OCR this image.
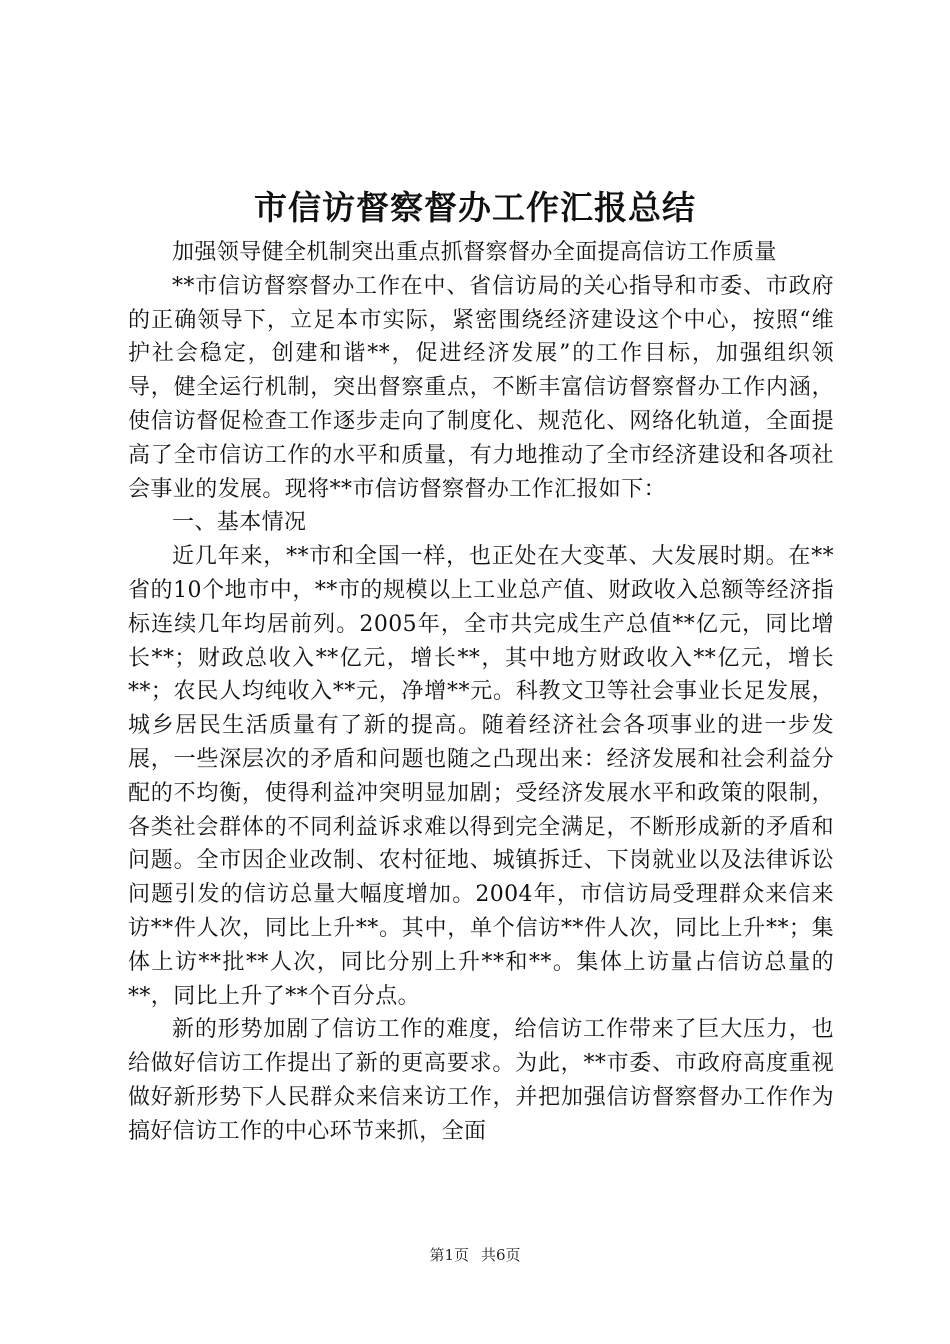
市信访督察督办工作汇报总结

加强领导健全机制突出重点抓督察督办全面提高信访工作质量

**市信访督察督办工作在中、省信访局的关心指导和市委、市政府的正确领导下，立足本市实际，紧密围绕经济建设这个中心，按照“维护社会稳定，创建和谐**，促进经济发展”的工作目标，加强组织领导，健全运行机制，突出督察重点，不断丰富信访督察督办工作内涵，使信访督促检查工作逐步走向了制度化、规范化、网络化轨道，全面提高了全市信访工作的水平和质量，有力地推动了全市经济建设和各项社会事业的发展。现将**市信访督察督办工作汇报如下：

一、基本情况

近几年来，**市和全国一样，也正处在大变革、大发展时期。在**省的10个地市中，**市的规模以上工业总产值、财政收入总额等经济指标连续几年均居前列。2005年，全市共完成生产总值**亿元，同比增长**；财政总收入**亿元，增长**，其中地方财政收入**亿元，增长**；农民人均纯收入**元，净增**元。科教文卫等社会事业长足发展，城乡居民生活质量有了新的提高。随着经济社会各项事业的进一步发展，一些深层次的矛盾和问题也随之凸现出来：经济发展和社会利益分配的不均衡，使得利益冲突明显加剧；受经济发展水平和政策的限制，各类社会群体的不同利益诉求难以得到完全满足，不断形成新的矛盾和问题。全市因企业改制、农村征地、城镇拆迁、下岗就业以及法律诉讼问题引发的信访总量大幅度增加。2004年，市信访局受理群众来信来访**件人次，同比上升**。其中，单个信访**件人次，同比上升**；集体上访**批**人次，同比分别上升**和**。集体上访量占信访总量的**，同比上升了**个百分点。

新的形势加剧了信访工作的难度，给信访工作带来了巨大压力，也给做好信访工作提出了新的更高要求。为此，**市委、市政府高度重视做好新形势下人民群众来信来访工作，并把加强信访督察督办工作作为搞好信访工作的中心环节来抓，全面

第1页 共6页
